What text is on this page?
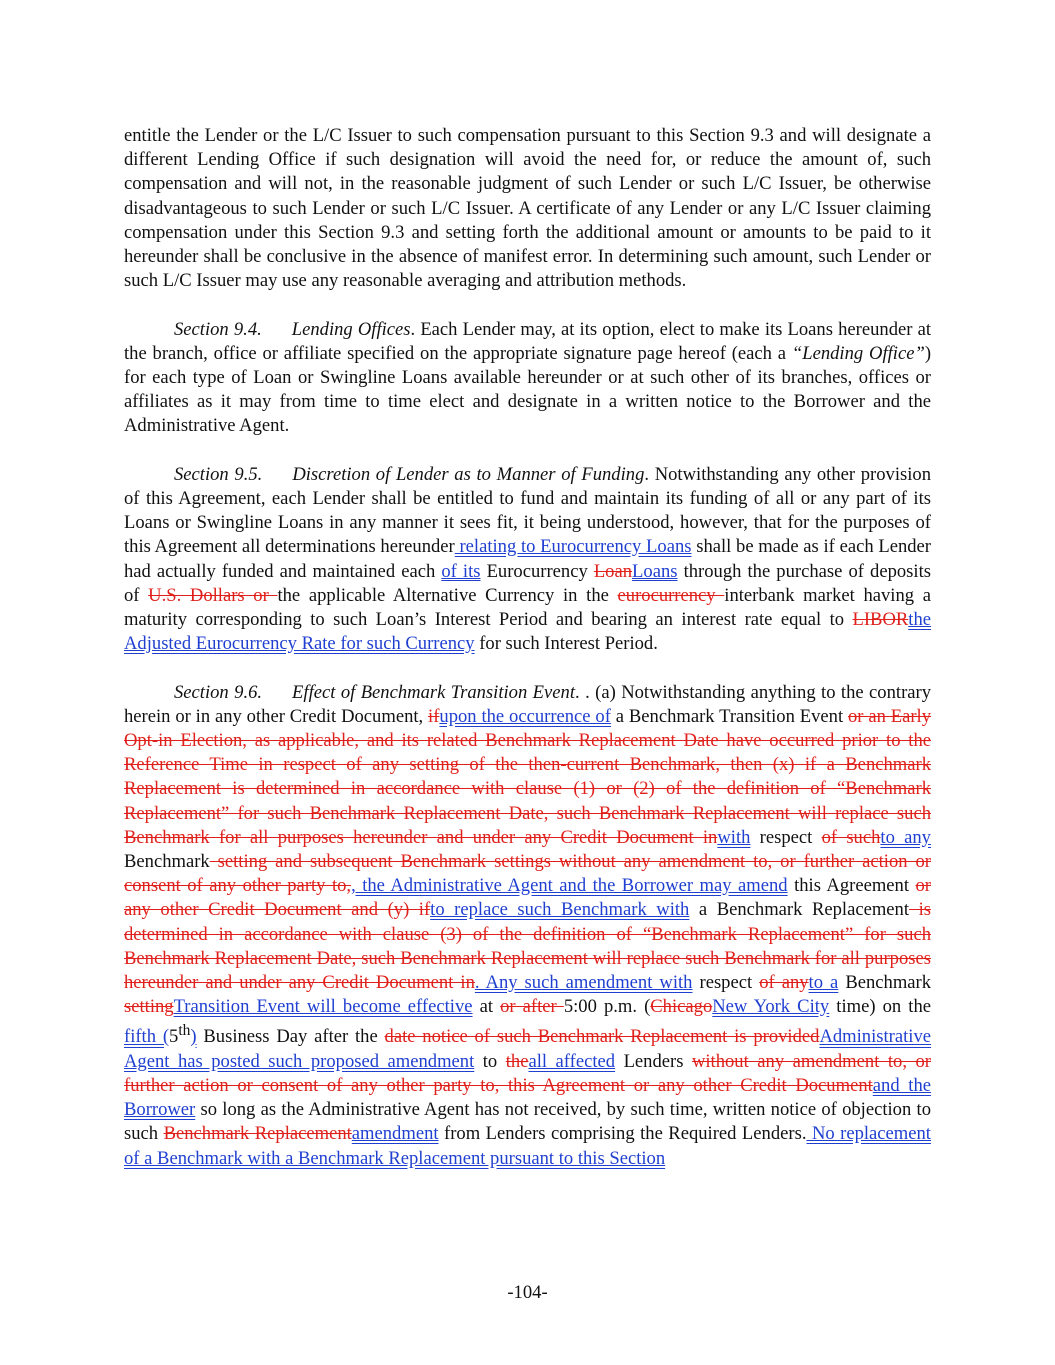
entitle the Lender or the L/C Issuer to such compensation pursuant to this Section 9.3 and will designate a different Lending Office if such designation will avoid the need for, or reduce the amount of, such compensation and will not, in the reasonable judgment of such Lender or such L/C Issuer, be otherwise disadvantageous to such Lender or such L/C Issuer. A certificate of any Lender or any L/C Issuer claiming compensation under this Section 9.3 and setting forth the additional amount or amounts to be paid to it hereunder shall be conclusive in the absence of manifest error. In determining such amount, such Lender or such L/C Issuer may use any reasonable averaging and attribution methods.

Section 9.4. Lending Offices. Each Lender may, at its option, elect to make its Loans hereunder at the branch, office or affiliate specified on the appropriate signature page hereof (each a “Lending Office”) for each type of Loan or Swingline Loans available hereunder or at such other of its branches, offices or affiliates as it may from time to time elect and designate in a written notice to the Borrower and the Administrative Agent.

Section 9.5. Discretion of Lender as to Manner of Funding. Notwithstanding any other provision of this Agreement, each Lender shall be entitled to fund and maintain its funding of all or any part of its Loans or Swingline Loans in any manner it sees fit, it being understood, however, that for the purposes of this Agreement all determinations hereunder relating to Eurocurrency Loans shall be made as if each Lender had actually funded and maintained each of its Eurocurrency LoanLoans through the purchase of deposits of U.S. Dollars or the applicable Alternative Currency in the eurocurrency interbank market having a maturity corresponding to such Loan’s Interest Period and bearing an interest rate equal to LIBORthe Adjusted Eurocurrency Rate for such Currency for such Interest Period.

Section 9.6. Effect of Benchmark Transition Event. . (a) Notwithstanding anything to the contrary herein or in any other Credit Document, ifupon the occurrence of a Benchmark Transition Event or an Early Opt-in Election, as applicable, and its related Benchmark Replacement Date have occurred prior to the Reference Time in respect of any setting of the then-current Benchmark, then (x) if a Benchmark Replacement is determined in accordance with clause (1) or (2) of the definition of “Benchmark Replacement” for such Benchmark Replacement Date, such Benchmark Replacement will replace such Benchmark for all purposes hereunder and under any Credit Document inwith respect of suchto any Benchmark setting and subsequent Benchmark settings without any amendment to, or further action or consent of any other party to,, the Administrative Agent and the Borrower may amend this Agreement or any other Credit Document and (y) ifto replace such Benchmark with a Benchmark Replacement is determined in accordance with clause (3) of the definition of “Benchmark Replacement” for such Benchmark Replacement Date, such Benchmark Replacement will replace such Benchmark for all purposes hereunder and under any Credit Document in. Any such amendment with respect of anyto a Benchmark settingTransition Event will become effective at or after 5:00 p.m. (ChicagoNew York City time) on the fifth (5th) Business Day after the date notice of such Benchmark Replacement is providedAdministrative Agent has posted such proposed amendment to theall affected Lenders without any amendment to, or further action or consent of any other party to, this Agreement or any other Credit Documentand the Borrower so long as the Administrative Agent has not received, by such time, written notice of objection to such Benchmark Replacementamendment from Lenders comprising the Required Lenders. No replacement of a Benchmark with a Benchmark Replacement pursuant to this Section

-104-
